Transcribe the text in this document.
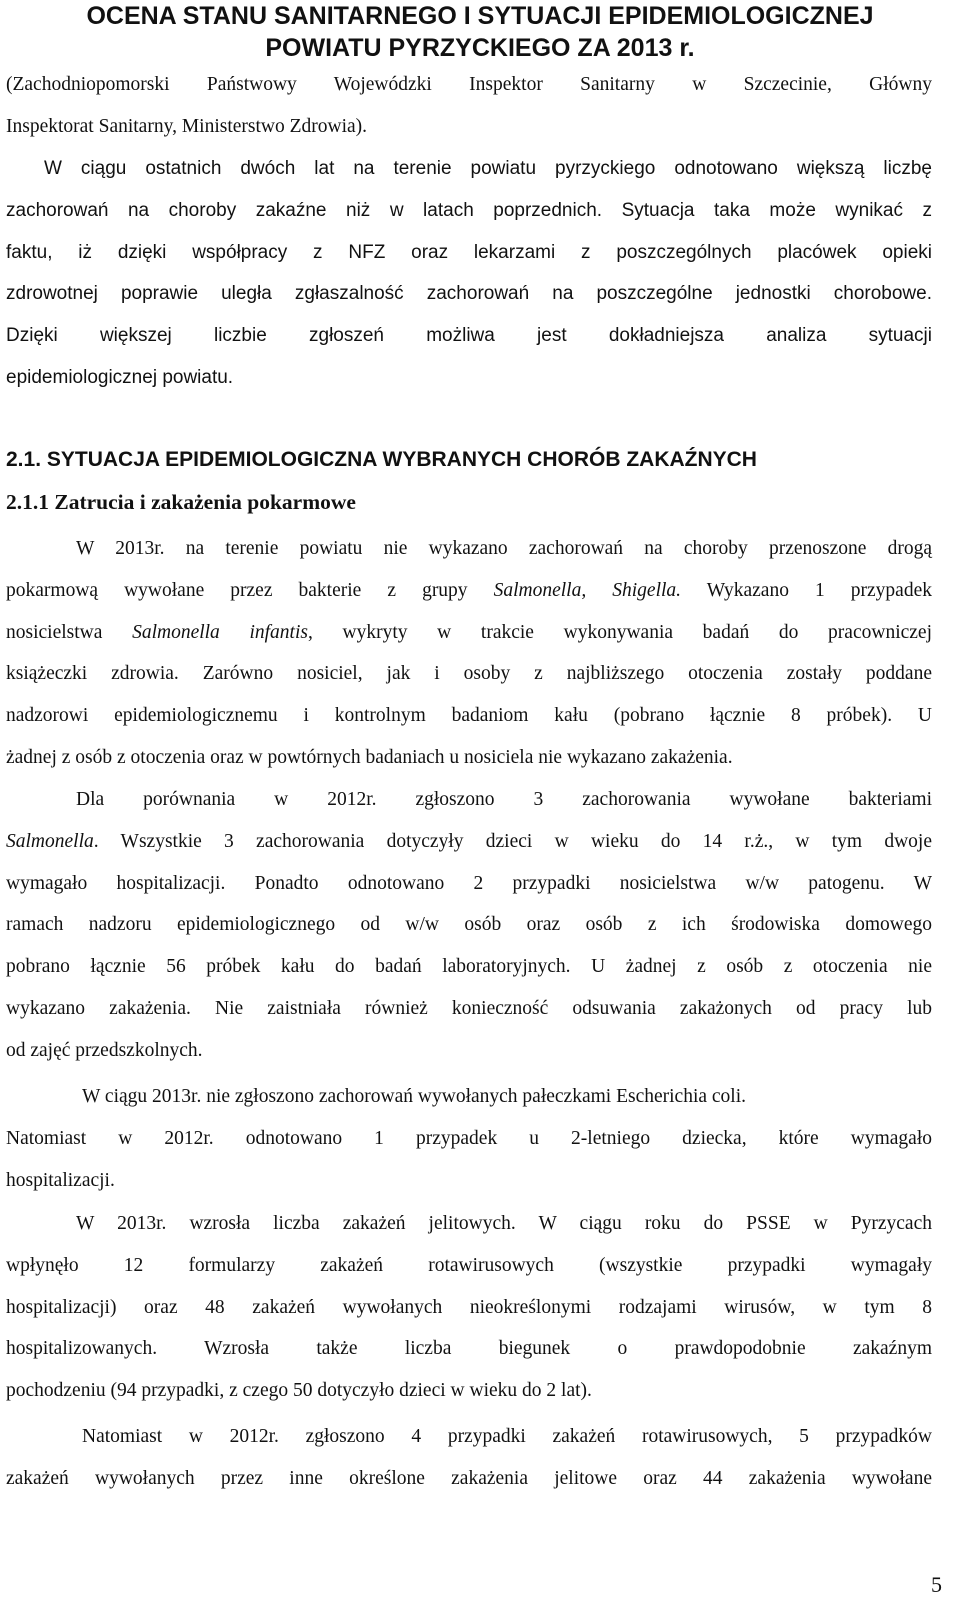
OCENA STANU SANITARNEGO I SYTUACJI EPIDEMIOLOGICZNEJ
POWIATU PYRZYCKIEGO ZA 2013 r.
(Zachodniopomorski Państwowy Wojewódzki Inspektor Sanitarny w Szczecinie, Główny
Inspektorat Sanitarny, Ministerstwo Zdrowia).
W ciągu ostatnich dwóch lat na terenie powiatu pyrzyckiego odnotowano większą liczbę
zachorowań na choroby zakaźne niż w latach poprzednich. Sytuacja taka może wynikać z
faktu, iż dzięki współpracy z NFZ oraz lekarzami z poszczególnych placówek opieki
zdrowotnej poprawie uległa zgłaszalność zachorowań na poszczególne jednostki chorobowe.
Dzięki większej liczbie zgłoszeń możliwa jest dokładniejsza analiza sytuacji
epidemiologicznej powiatu.
2.1. SYTUACJA EPIDEMIOLOGICZNA WYBRANYCH CHORÓB ZAKAŹNYCH
2.1.1 Zatrucia i zakażenia pokarmowe
W 2013r. na terenie powiatu nie wykazano zachorowań na choroby przenoszone drogą
pokarmową wywołane przez bakterie z grupy Salmonella, Shigella. Wykazano 1 przypadek
nosicielstwa Salmonella infantis, wykryty w trakcie wykonywania badań do pracowniczej
książeczki zdrowia. Zarówno nosiciel, jak i osoby z najbliższego otoczenia zostały poddane
nadzorowi epidemiologicznemu i kontrolnym badaniom kału (pobrano łącznie 8 próbek). U
żadnej z osób z otoczenia oraz w powtórnych badaniach u nosiciela nie wykazano zakażenia.
Dla porównania w 2012r. zgłoszono 3 zachorowania wywołane bakteriami
Salmonella. Wszystkie 3 zachorowania dotyczyły dzieci w wieku do 14 r.ż., w tym dwoje
wymagało hospitalizacji. Ponadto odnotowano 2 przypadki nosicielstwa w/w patogenu. W
ramach nadzoru epidemiologicznego od w/w osób oraz osób z ich środowiska domowego
pobrano łącznie 56 próbek kału do badań laboratoryjnych. U żadnej z osób z otoczenia nie
wykazano zakażenia. Nie zaistniała również konieczność odsuwania zakażonych od pracy lub
od zajęć przedszkolnych.
W ciągu 2013r. nie zgłoszono zachorowań wywołanych pałeczkami Escherichia coli.
Natomiast w 2012r. odnotowano 1 przypadek u 2-letniego dziecka, które wymagało
hospitalizacji.
W 2013r. wzrosła liczba zakażeń jelitowych. W ciągu roku do PSSE w Pyrzycach
wpłynęło 12 formularzy zakażeń rotawirusowych (wszystkie przypadki wymagały
hospitalizacji) oraz 48 zakażeń wywołanych nieokreślonymi rodzajami wirusów, w tym 8
hospitalizowanych. Wzrosła także liczba biegunek o prawdopodobnie zakaźnym
pochodzeniu (94 przypadki, z czego 50 dotyczyło dzieci w wieku do 2 lat).
Natomiast w 2012r. zgłoszono 4 przypadki zakażeń rotawirusowych, 5 przypadków
zakażeń wywołanych przez inne określone zakażenia jelitowe oraz 44 zakażenia wywołane
5
